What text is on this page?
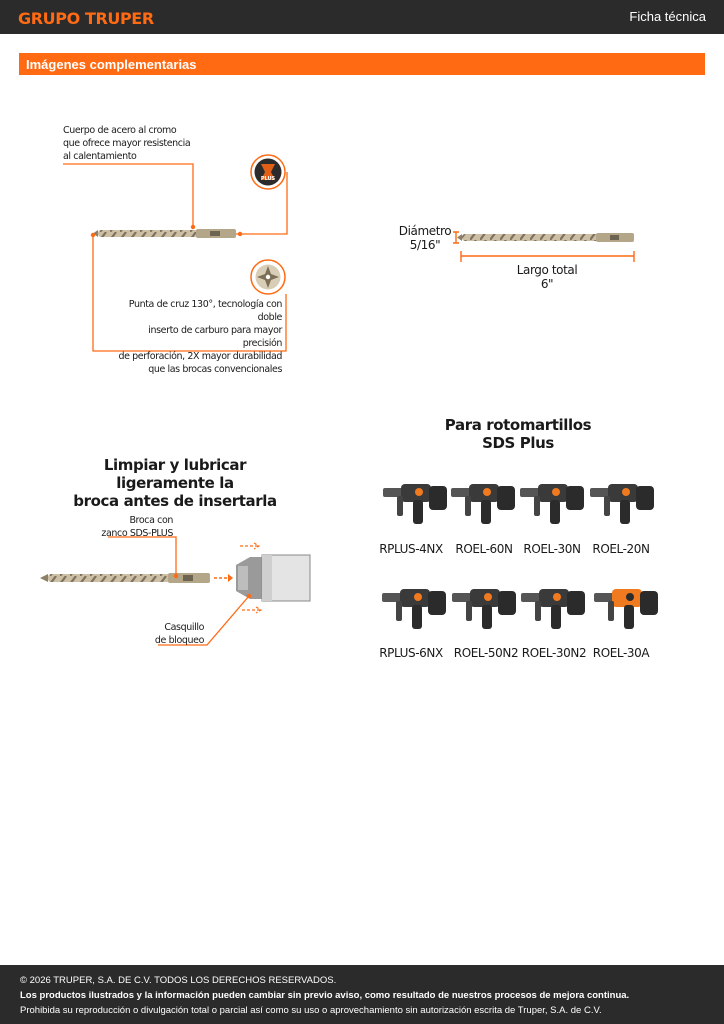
GRUPO TRUPER	Ficha técnica
Imágenes complementarias
Cuerpo de acero al cromo
que ofrece mayor resistencia
al calentamiento
PLUS
Punta de cruz 130°, tecnología con doble
inserto de carburo para mayor precisión
de perforación, 2X mayor durabilidad
que las brocas convencionales
Diámetro
5/16"
Largo total
6"
Limpiar y lubricar ligeramente la
broca antes de insertarla
Broca con
zanco SDS-PLUS
Casquillo
de bloqueo
Para rotomartillos
SDS Plus
RPLUS-4NX	ROEL-60N ROEL-30N ROEL-20N
RPLUS-6NX ROEL-50N2 ROEL-30N2 ROEL-30A
© 2026 TRUPER, S.A. DE C.V. TODOS LOS DERECHOS RESERVADOS.
Los productos ilustrados y la información pueden cambiar sin previo aviso, como resultado de nuestros procesos de mejora continua.
Prohibida su reproducción o divulgación total o parcial así como su uso o aprovechamiento sin autorización escrita de Truper, S.A. de C.V.
